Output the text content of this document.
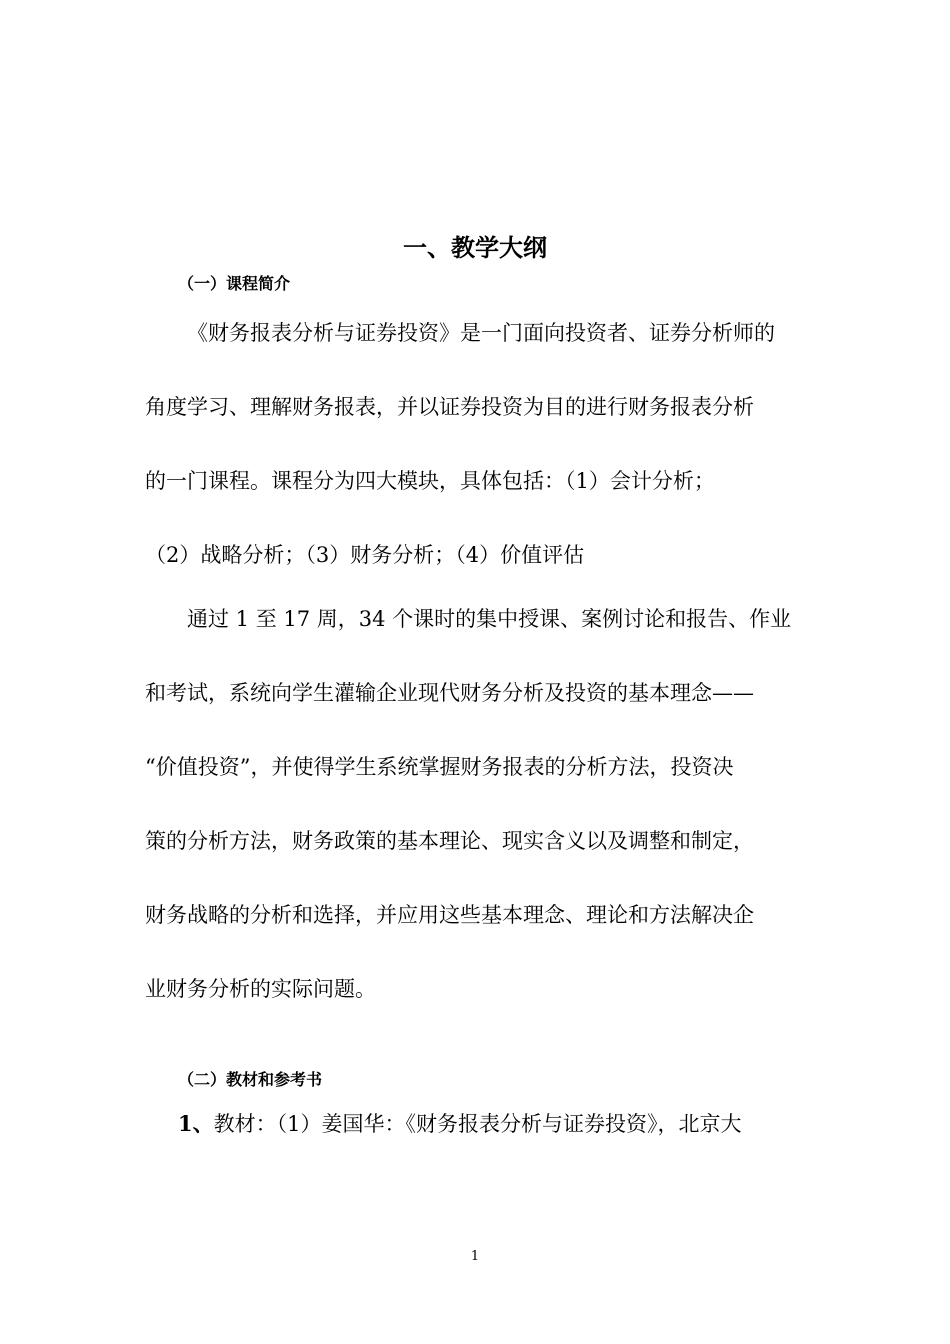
一、教学大纲
（一）课程简介
《财务报表分析与证券投资》是一门面向投资者、证券分析师的
角度学习、理解财务报表，并以证券投资为目的进行财务报表分析
的一门课程。课程分为四大模块，具体包括：（1）会计分析；
（2）战略分析；（3）财务分析；（4）价值评估
通过 1 至 17 周，34 个课时的集中授课、案例讨论和报告、作业
和考试，系统向学生灌输企业现代财务分析及投资的基本理念——
“价值投资”，并使得学生系统掌握财务报表的分析方法，投资决
策的分析方法，财务政策的基本理论、现实含义以及调整和制定，
财务战略的分析和选择，并应用这些基本理念、理论和方法解决企
业财务分析的实际问题。
（二）教材和参考书
1、教材：（1）姜国华：《财务报表分析与证券投资》，北京大
1
